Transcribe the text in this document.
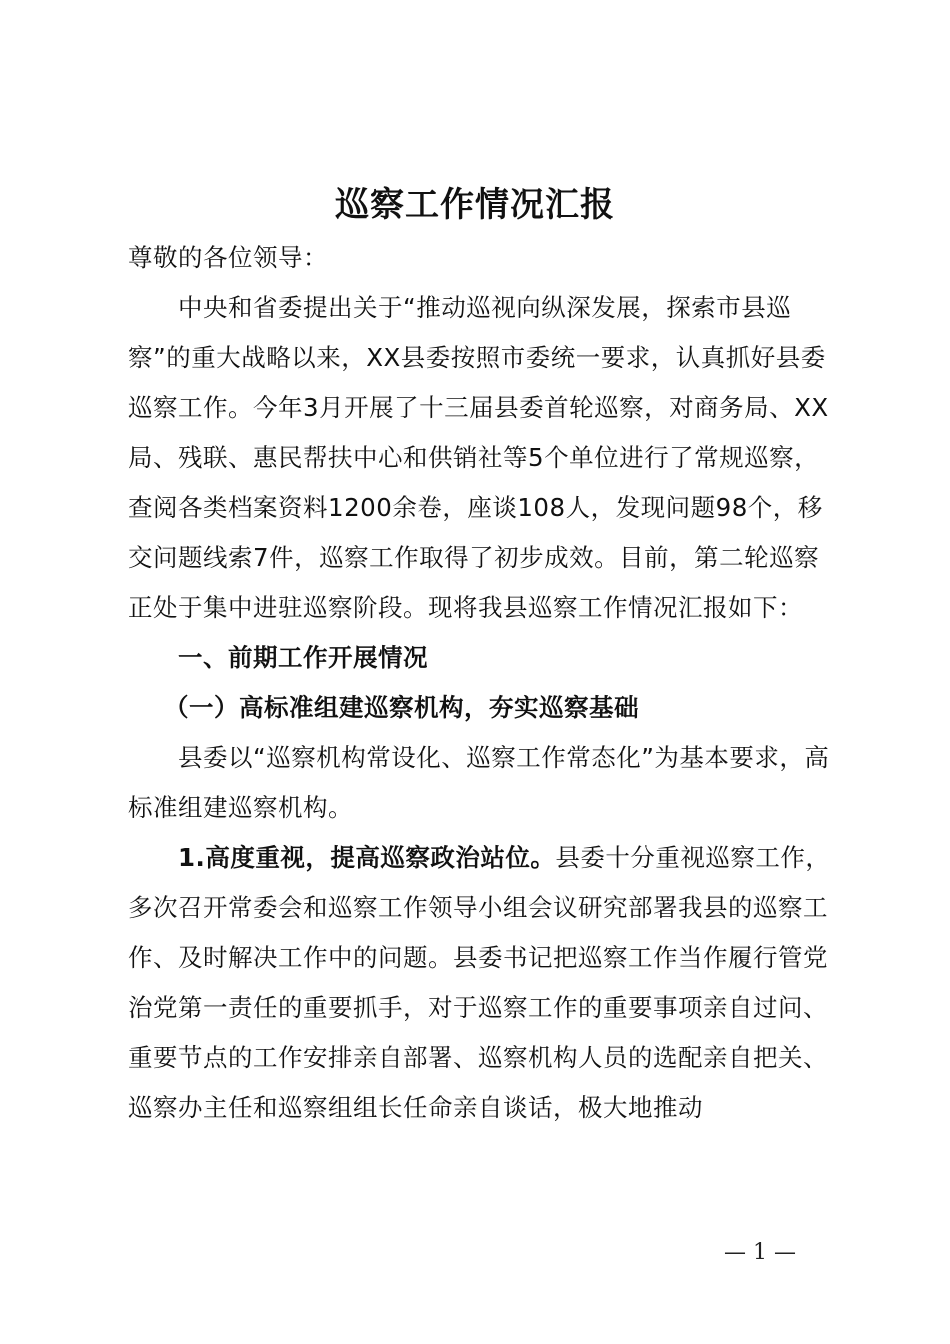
巡察工作情况汇报

尊敬的各位领导：

中央和省委提出关于“推动巡视向纵深发展，探索市县巡察”的重大战略以来，XX县委按照市委统一要求，认真抓好县委巡察工作。今年3月开展了十三届县委首轮巡察，对商务局、XX局、残联、惠民帮扶中心和供销社等5个单位进行了常规巡察，查阅各类档案资料1200余卷，座谈108人，发现问题98个，移交问题线索7件，巡察工作取得了初步成效。目前，第二轮巡察正处于集中进驻巡察阶段。现将我县巡察工作情况汇报如下：

一、前期工作开展情况

（一）高标准组建巡察机构，夯实巡察基础

县委以“巡察机构常设化、巡察工作常态化”为基本要求，高标准组建巡察机构。

1.高度重视，提高巡察政治站位。县委十分重视巡察工作，多次召开常委会和巡察工作领导小组会议研究部署我县的巡察工作、及时解决工作中的问题。县委书记把巡察工作当作履行管党治党第一责任的重要抓手，对于巡察工作的重要事项亲自过问、重要节点的工作安排亲自部署、巡察机构人员的选配亲自把关、巡察办主任和巡察组组长任命亲自谈话，极大地推动

— 1 —
